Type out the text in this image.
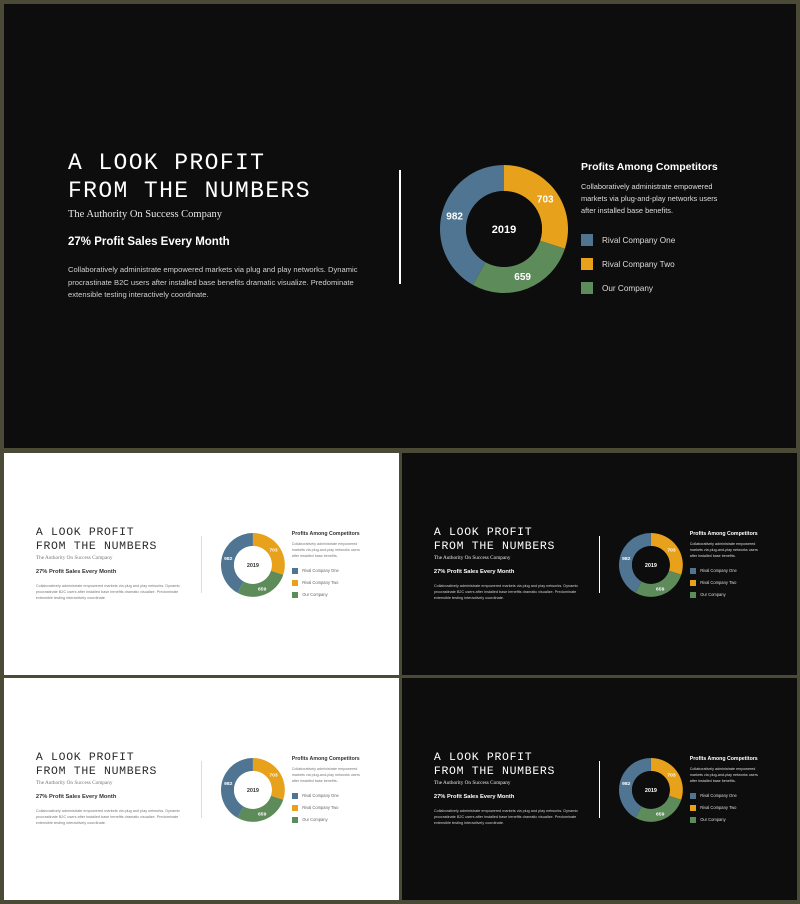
A LOOK PROFIT
FROM THE NUMBERS
The Authority On Success Company
27% Profit Sales Every Month
Collaboratively administrate empowered markets via plug and play networks. Dynamic procrastinate B2C users after installed base benefits dramatic visualize. Predominate extensible testing interactively coordinate.
703
659
982
2019
Profits Among Competitors
Collaboratively administrate empowered markets via plug-and-play networks users after installed base benefits.
Rival Company One
Rival Company Two
Our Company
A LOOK PROFIT
FROM THE NUMBERS
The Authority On Success Company
27% Profit Sales Every Month
Collaboratively administrate empowered markets via plug and play networks. Dynamic procrastinate B2C users after installed base benefits dramatic visualize. Predominate extensible testing interactively coordinate.
703
659
982
2019
Profits Among Competitors
Collaboratively administrate empowered markets via plug-and-play networks users after installed base benefits.
Rival Company One
Rival Company Two
Our Company
A LOOK PROFIT
FROM THE NUMBERS
The Authority On Success Company
27% Profit Sales Every Month
Collaboratively administrate empowered markets via plug and play networks. Dynamic procrastinate B2C users after installed base benefits dramatic visualize. Predominate extensible testing interactively coordinate.
703
659
982
2019
Profits Among Competitors
Collaboratively administrate empowered markets via plug-and-play networks users after installed base benefits.
Rival Company One
Rival Company Two
Our Company
A LOOK PROFIT
FROM THE NUMBERS
The Authority On Success Company
27% Profit Sales Every Month
Collaboratively administrate empowered markets via plug and play networks. Dynamic procrastinate B2C users after installed base benefits dramatic visualize. Predominate extensible testing interactively coordinate.
703
659
982
2019
Profits Among Competitors
Collaboratively administrate empowered markets via plug-and-play networks users after installed base benefits.
Rival Company One
Rival Company Two
Our Company
A LOOK PROFIT
FROM THE NUMBERS
The Authority On Success Company
27% Profit Sales Every Month
Collaboratively administrate empowered markets via plug and play networks. Dynamic procrastinate B2C users after installed base benefits dramatic visualize. Predominate extensible testing interactively coordinate.
703
659
982
2019
Profits Among Competitors
Collaboratively administrate empowered markets via plug-and-play networks users after installed base benefits.
Rival Company One
Rival Company Two
Our Company
